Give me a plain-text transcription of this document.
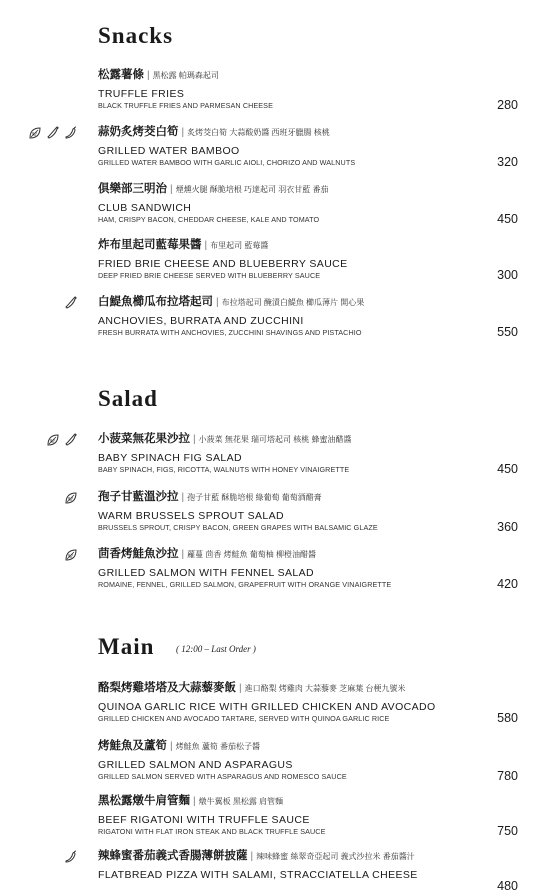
Snacks
Salad
Main ( 12:00 – Last Order )
松露薯條 | 黑松露 帕瑪森起司
TRUFFLE FRIES
BLACK TRUFFLE FRIES AND PARMESAN CHEESE	280
蒜奶炙烤茭白筍 | 炙烤茭白筍 大蒜酸奶醬 西班牙臘腸 核桃
GRILLED WATER BAMBOO
GRILLED WATER BAMBOO WITH GARLIC AIOLI, CHORIZO AND WALNUTS	320
俱樂部三明治 | 煙燻火腿 酥脆培根 巧達起司 羽衣甘藍 番茄
CLUB SANDWICH
HAM, CRISPY BACON, CHEDDAR CHEESE, KALE AND TOMATO	450
炸布里起司藍莓果醬 | 布里起司 藍莓醬
FRIED BRIE CHEESE AND BLUEBERRY SAUCE
DEEP FRIED BRIE CHEESE SERVED WITH BLUEBERRY SAUCE	300
白鯷魚櫛瓜布拉塔起司 | 布拉塔起司 醃漬白鯷魚 櫛瓜薄片 開心果
ANCHOVIES, BURRATA AND ZUCCHINI
FRESH BURRATA WITH ANCHOVIES, ZUCCHINI SHAVINGS AND PISTACHIO	550
小菠菜無花果沙拉 | 小菠菜 無花果 瑞可塔起司 核桃 蜂蜜油醋醬
BABY SPINACH FIG SALAD
BABY SPINACH, FIGS, RICOTTA, WALNUTS WITH HONEY VINAIGRETTE	450
孢子甘藍溫沙拉 | 孢子甘藍 酥脆培根 綠葡萄 葡萄酒醋膏
WARM BRUSSELS SPROUT SALAD
BRUSSELS SPROUT, CRISPY BACON, GREEN GRAPES WITH BALSAMIC GLAZE	360
茴香烤鮭魚沙拉 | 蘿蔓 茴香 烤鮭魚 葡萄柚 柳橙油醋醬
GRILLED SALMON WITH FENNEL SALAD
ROMAINE, FENNEL, GRILLED SALMON, GRAPEFRUIT WITH ORANGE VINAIGRETTE	420
酪梨烤雞塔塔及大蒜藜麥飯 | 進口酪梨 烤雞肉 大蒜藜麥 芝麻葉 台梗九號米
QUINOA GARLIC RICE WITH GRILLED CHICKEN AND AVOCADO
GRILLED CHICKEN AND AVOCADO TARTARE, SERVED WITH QUINOA GARLIC RICE	580
烤鮭魚及蘆筍 | 烤鮭魚 蘆筍 番茄松子醬
GRILLED SALMON AND ASPARAGUS
GRILLED SALMON SERVED WITH ASPARAGUS AND ROMESCO SAUCE	780
黑松露燉牛肩管麵 | 燉牛翼板 黑松露 肩管麵
BEEF RIGATONI WITH TRUFFLE SAUCE
RIGATONI WITH FLAT IRON STEAK AND BLACK TRUFFLE SAUCE	750
辣蜂蜜番茄義式香腸薄餅披薩 | 辣味蜂蜜 絲翠奇亞起司 義式沙拉米 番茄醬汁
FLATBREAD PIZZA WITH SALAMI, STRACCIATELLA CHEESE
480
